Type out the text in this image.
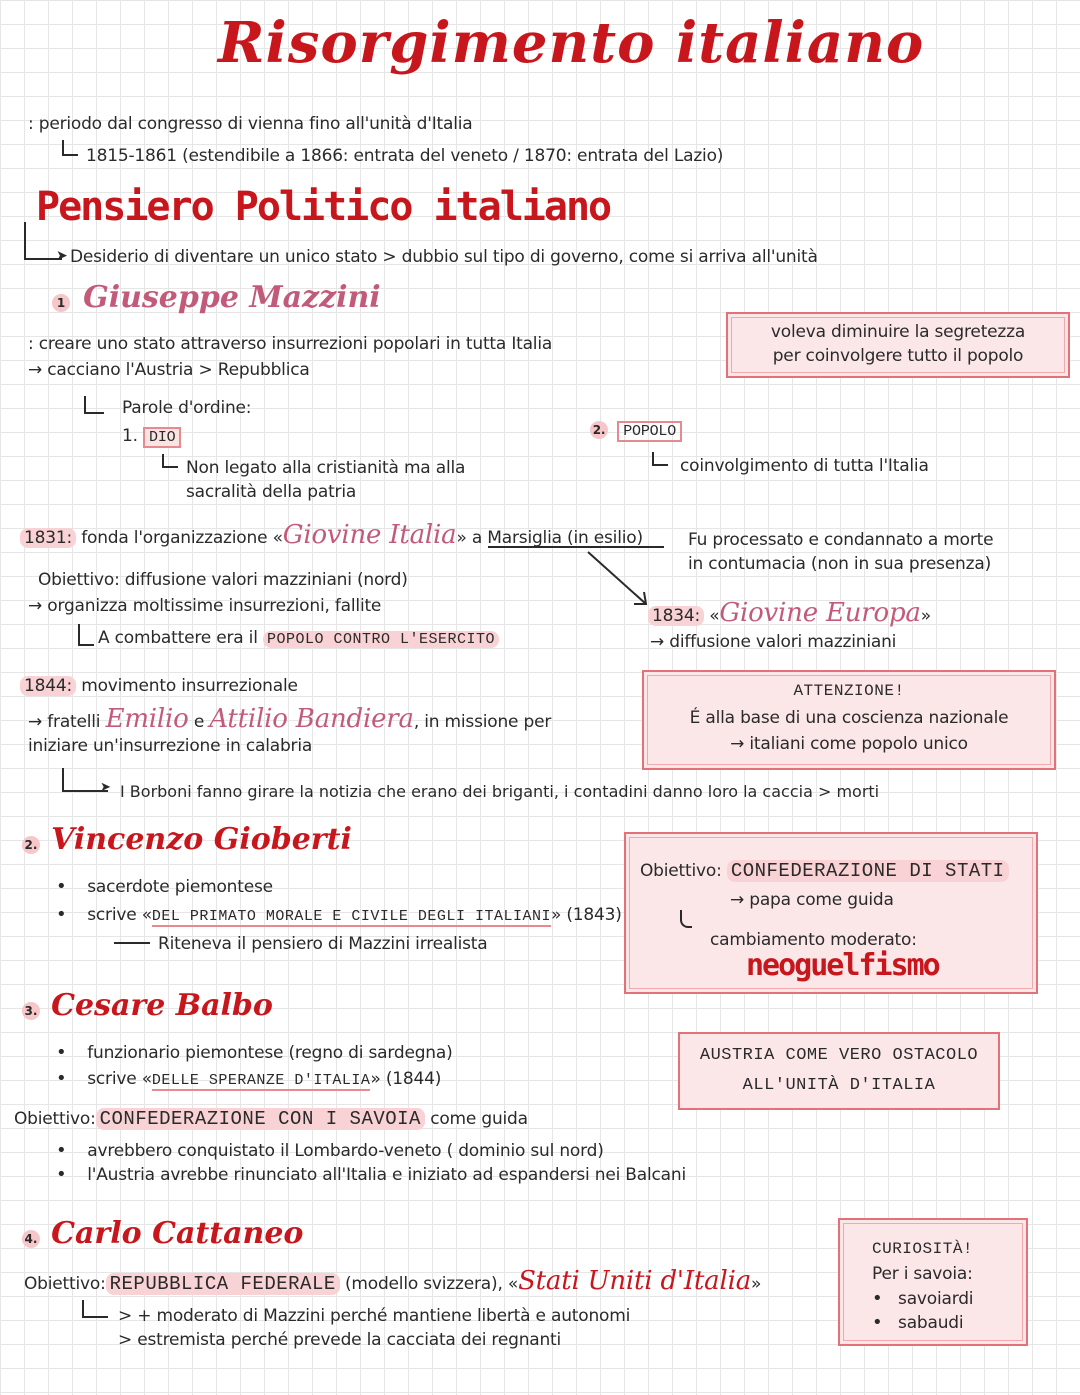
Risorgimento italiano
: periodo dal congresso di vienna fino all'unità d'Italia
1815-1861 (estendibile a 1866: entrata del veneto / 1870: entrata del Lazio)
Pensiero Politico italiano
➤ Desiderio di diventare un unico stato > dubbio sul tipo di governo, come si arriva all'unità
1 Giuseppe Mazzini
: creare uno stato attraverso insurrezioni popolari in tutta Italia
→ cacciano l'Austria > Repubblica
voleva diminuire la segretezza
per coinvolgere tutto il popolo
Parole d'ordine:
1. DIO
Non legato alla cristianità ma alla
sacralità della patria
2. POPOLO
coinvolgimento di tutta l'Italia
1831: fonda l'organizzazione «Giovine Italia» a Marsiglia (in esilio)	Fu processato e condannato a morte
in contumacia (non in sua presenza)
Obiettivo: diffusione valori mazziniani (nord)
→ organizza moltissime insurrezioni, fallite
A combattere era il POPOLO CONTRO L'ESERCITO
1834: «Giovine Europa»
→ diffusione valori mazziniani
1844: movimento insurrezionale
→ fratelli Emilio e Attilio Bandiera, in missione per
iniziare un'insurrezione in calabria
ATTENZIONE!
É alla base di una coscienza nazionale
→ italiani come popolo unico
➤ I Borboni fanno girare la notizia che erano dei briganti, i contadini danno loro la caccia > morti
2. Vincenzo Gioberti
• sacerdote piemontese
• scrive «DEL PRIMATO MORALE E CIVILE DEGLI ITALIANI» (1843)
Riteneva il pensiero di Mazzini irrealista
Obiettivo: CONFEDERAZIONE DI STATI
→ papa come guida
cambiamento moderato:
neoguelfismo
3. Cesare Balbo
• funzionario piemontese (regno di sardegna)
• scrive «DELLE SPERANZE D'ITALIA» (1844)
AUSTRIA COME VERO OSTACOLO
ALL'UNITÀ D'ITALIA
Obiettivo: CONFEDERAZIONE CON I SAVOIA come guida
• avrebbero conquistato il Lombardo-veneto ( dominio sul nord)
• l'Austria avrebbe rinunciato all'Italia e iniziato ad espandersi nei Balcani
4. Carlo Cattaneo
Obiettivo: REPUBBLICA FEDERALE (modello svizzera), «Stati Uniti d'Italia»
> + moderato di Mazzini perché mantiene libertà e autonomi
> estremista perché prevede la cacciata dei regnanti
CURIOSITÀ!
Per i savoia:
• savoiardi
• sabaudi
